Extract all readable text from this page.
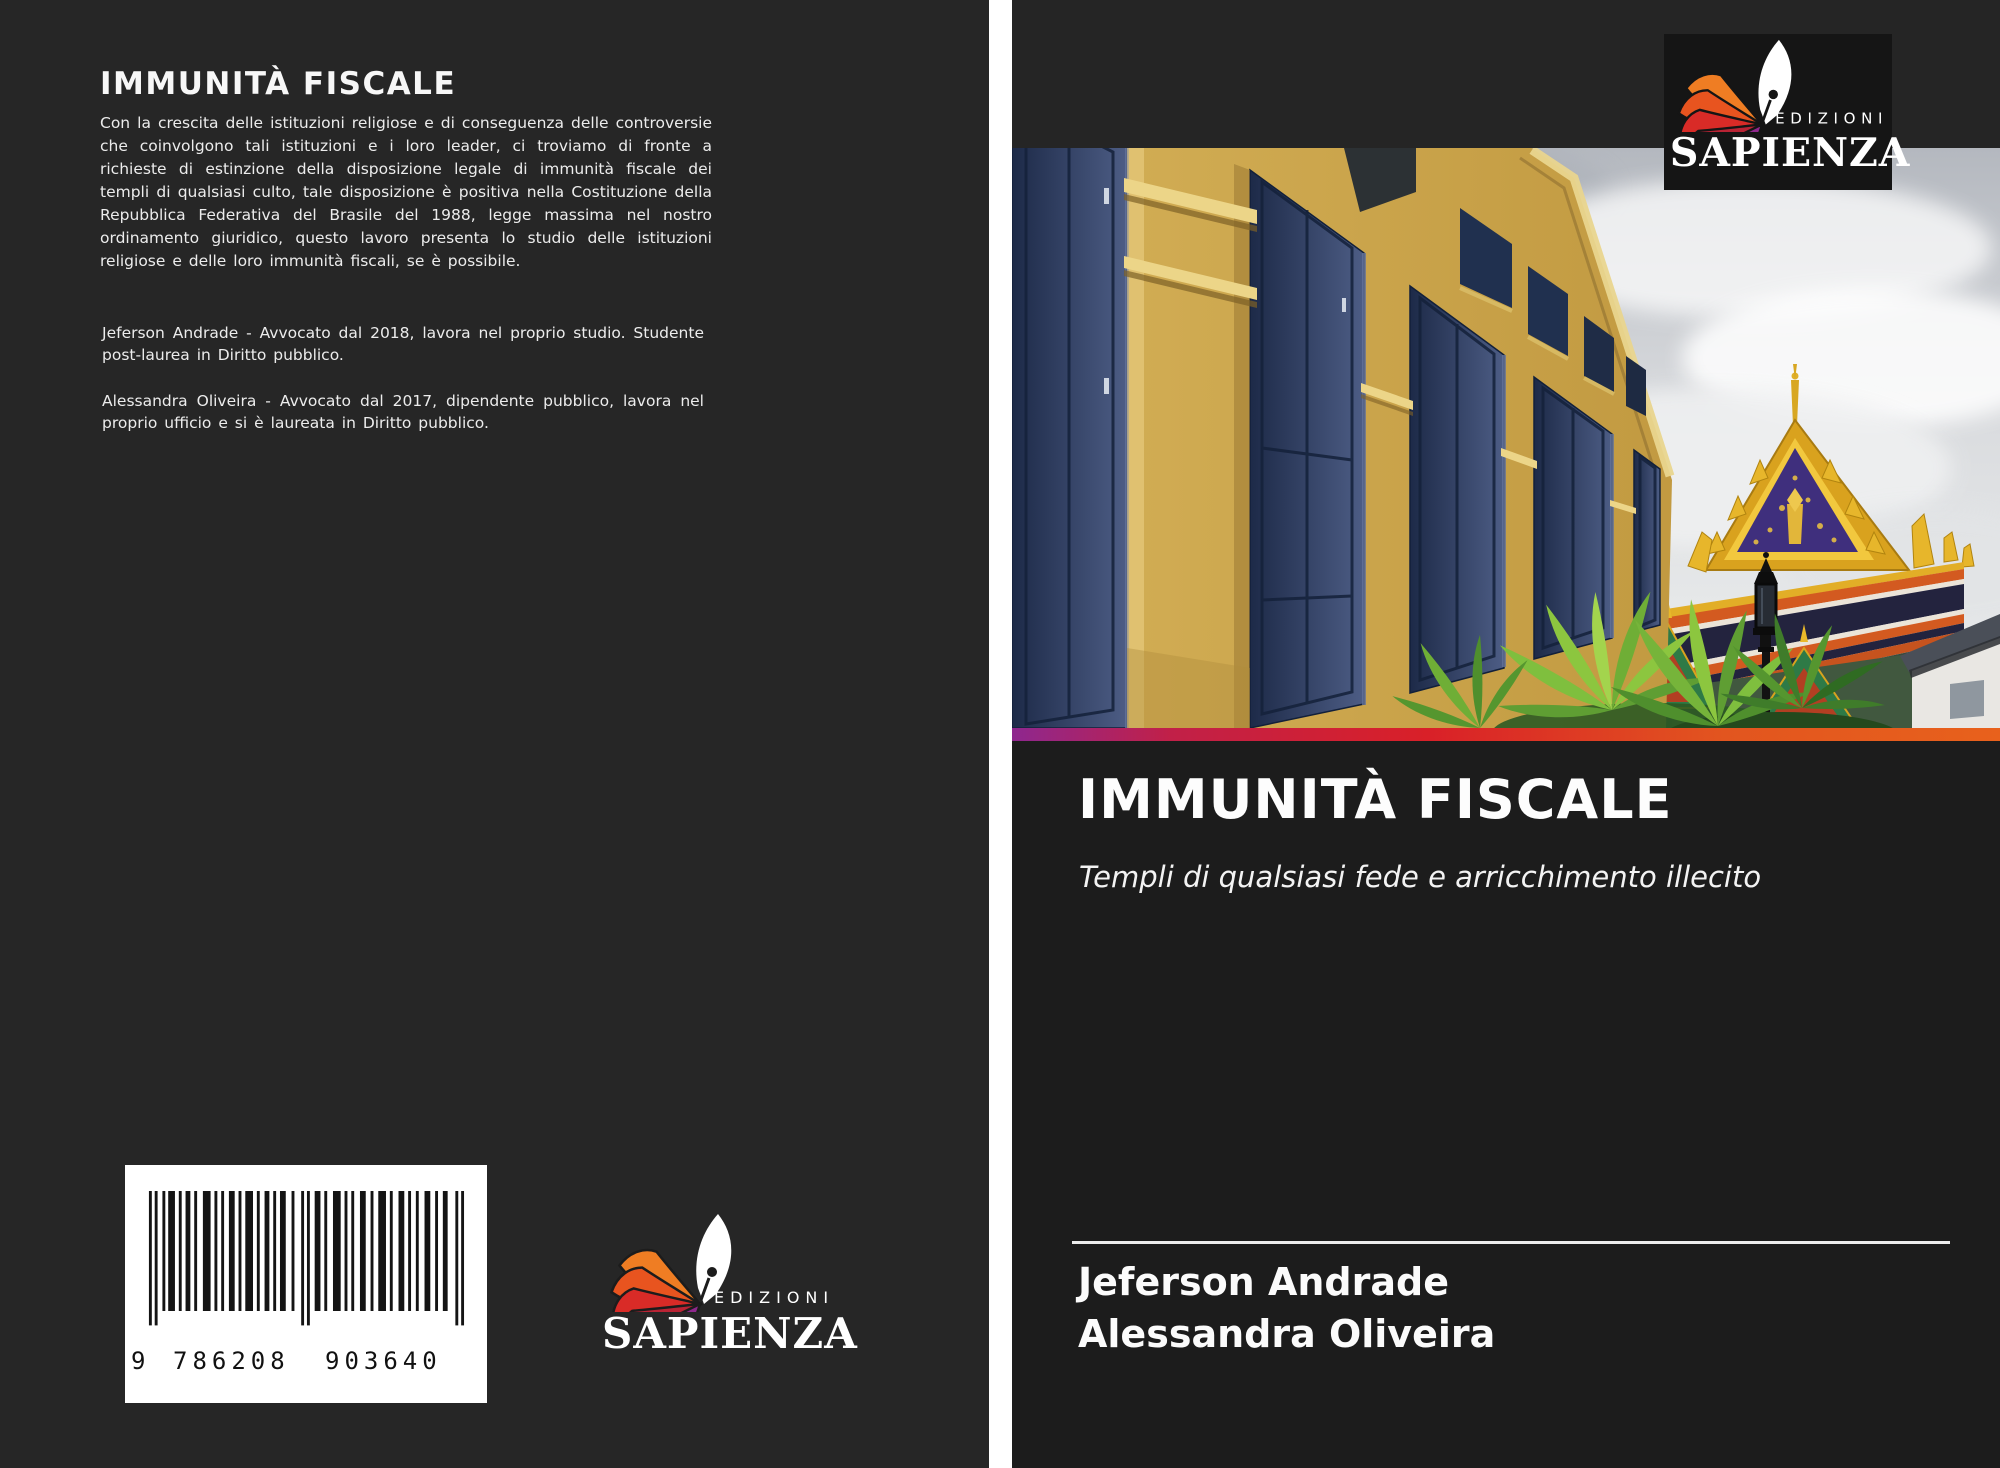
IMMUNITÀ FISCALE
Con la crescita delle istituzioni religiose e di conseguenza delle controversie che coinvolgono tali istituzioni e i loro leader, ci troviamo di fronte a richieste di estinzione della disposizione legale di immunità fiscale dei templi di qualsiasi culto, tale disposizione è positiva nella Costituzione della Repubblica Federativa del Brasile del 1988, legge massima nel nostro ordinamento giuridico, questo lavoro presenta lo studio delle istituzioni religiose e delle loro immunità fiscali, se è possibile.
Jeferson Andrade - Avvocato dal 2018, lavora nel proprio studio. Studente post-laurea in Diritto pubblico.
Alessandra Oliveira - Avvocato dal 2017, dipendente pubblico, lavora nel proprio ufficio e si è laureata in Diritto pubblico.
9 786208 903640
EDIZIONI
SAPIENZA
EDIZIONI
SAPIENZA
IMMUNITÀ FISCALE
Templi di qualsiasi fede e arricchimento illecito
Jeferson Andrade
Alessandra Oliveira
